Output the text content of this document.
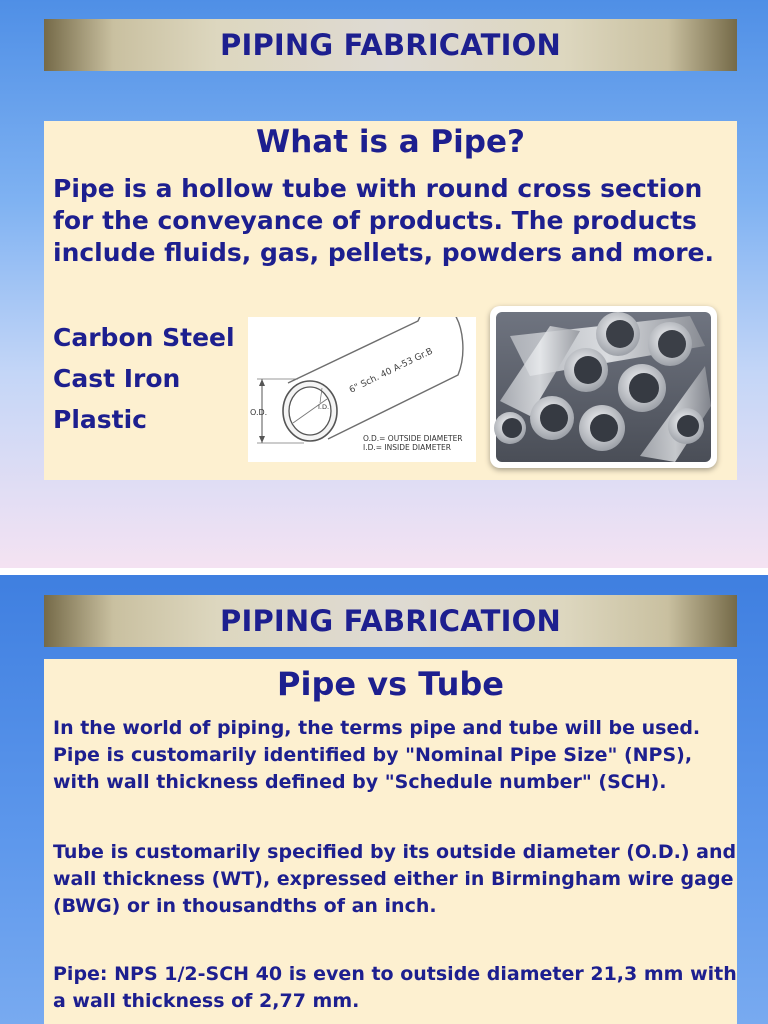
PIPING FABRICATION
What is a Pipe?

Pipe is a hollow tube with round cross section for the conveyance of products. The products include fluids, gas, pellets, powders and more.

Carbon Steel
Cast Iron
Plastic	O.D.
I.D.
6" Sch. 40 A-53 Gr.B
O.D.= OUTSIDE DIAMETER
I.D.= INSIDE DIAMETER
PIPING FABRICATION
Pipe vs Tube

In the world of piping, the terms pipe and tube will be used. Pipe is customarily identified by "Nominal Pipe Size" (NPS), with wall thickness defined by "Schedule number" (SCH).

Tube is customarily specified by its outside diameter (O.D.) and wall thickness (WT), expressed either in Birmingham wire gage (BWG) or in thousandths of an inch.

Pipe: NPS 1/2-SCH 40 is even to outside diameter 21,3 mm with a wall thickness of 2,77 mm.
